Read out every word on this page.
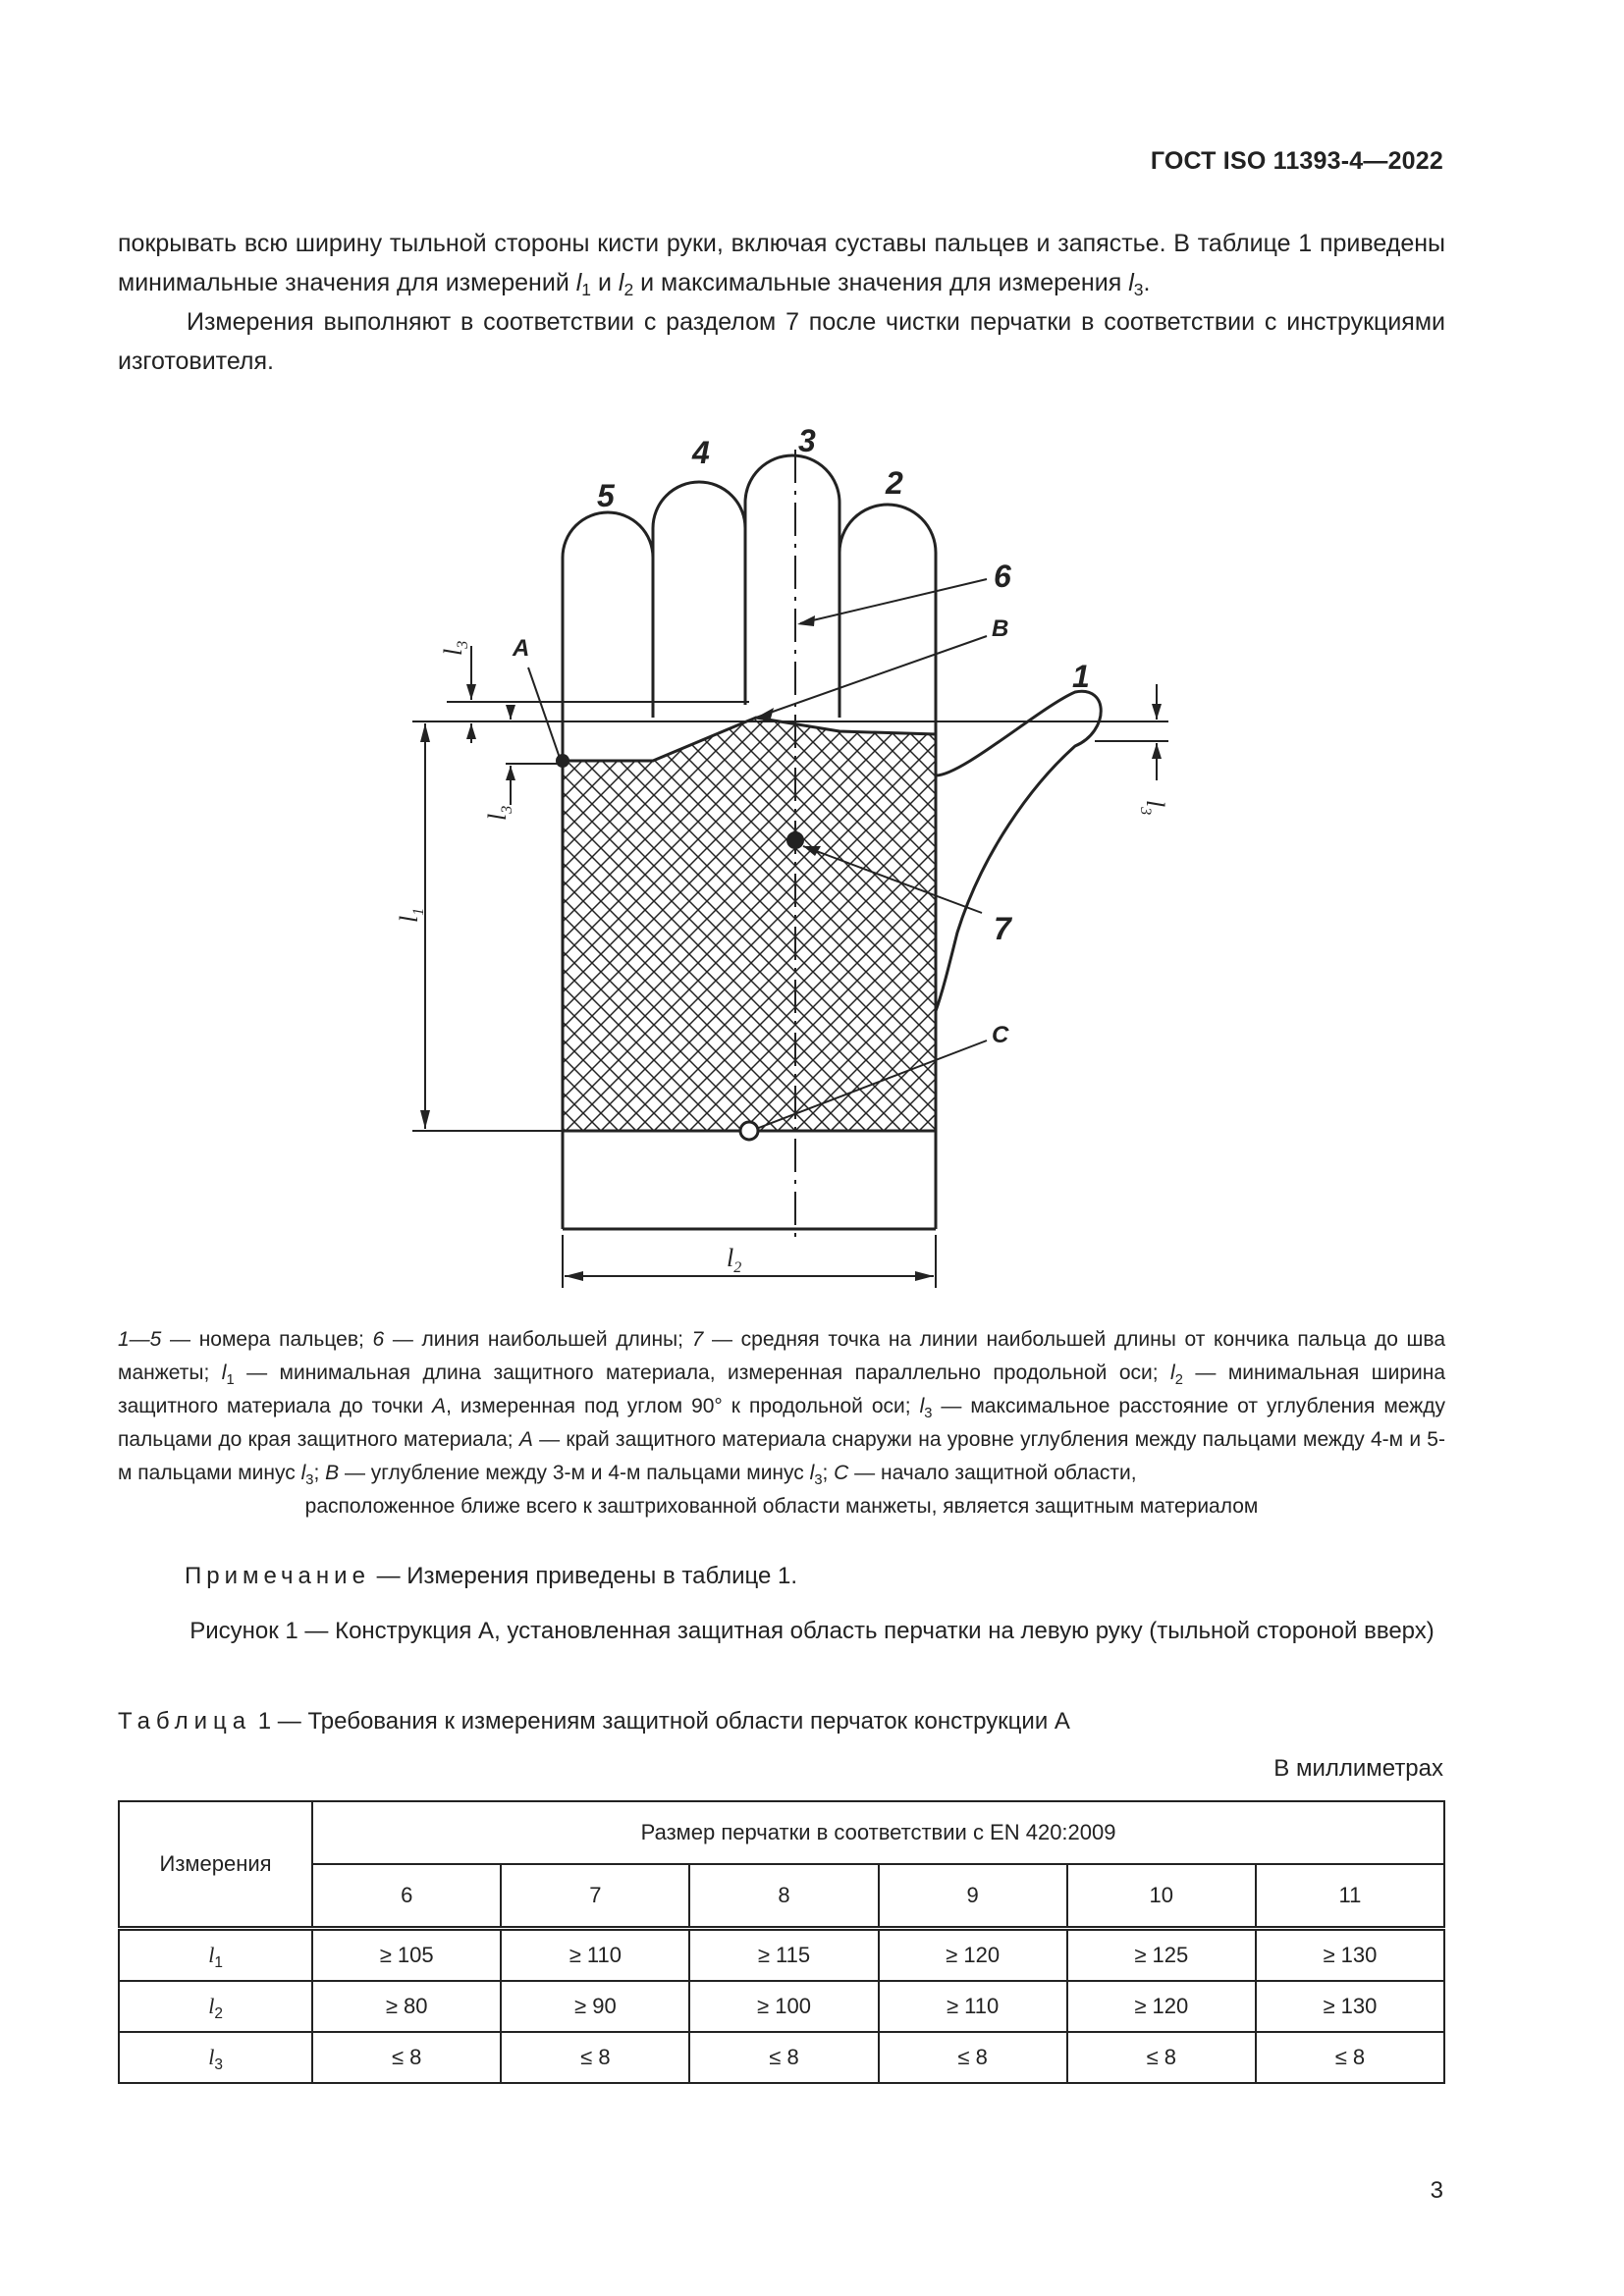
ГОСТ ISO 11393-4—2022

покрывать всю ширину тыльной стороны кисти руки, включая суставы пальцев и запястье. В таблице 1 приведены минимальные значения для измерений $l_1$ и $l_2$ и максимальные значения для измерения $l_3$.

Измерения выполняют в соответствии с разделом 7 после чистки перчатки в соответствии с инструкциями изготовителя.

1
2
3
4
5
6
7
A
B
C
$l_2$
$l_1$
$l_3$
$l_3$
$l_3$
1—5 — номера пальцев; 6 — линия наибольшей длины; 7 — средняя точка на линии наибольшей длины от кончика пальца до шва манжеты; $l_1$ — минимальная длина защитного материала, измеренная параллельно продольной оси; $l_2$ — минимальная ширина защитного материала до точки A, измеренная под углом 90° к продольной оси; $l_3$ — максимальное расстояние от углубления между пальцами до края защитного материала; A — край защитного материала снаружи на уровне углубления между пальцами между 4-м и 5-м пальцами минус $l_3$; B — углубление между 3-м и 4-м пальцами минус $l_3$; C — начало защитной области,
расположенное ближе всего к заштрихованной области манжеты, является защитным материалом
Примечание — Измерения приведены в таблице 1.
Рисунок 1 — Конструкция A, установленная защитная область перчатки на левую руку (тыльной стороной вверх)
Таблица 1 — Требования к измерениям защитной области перчаток конструкции A
В миллиметрах
Измерения	Размер перчатки в соответствии с EN 420:2009					
	6	7	8	9	10	11
$l_1$	≥ 105	≥ 110	≥ 115	≥ 120	≥ 125	≥ 130
$l_2$	≥ 80	≥ 90	≥ 100	≥ 110	≥ 120	≥ 130
$l_3$	≤ 8	≤ 8	≤ 8	≤ 8	≤ 8	≤ 8
3
